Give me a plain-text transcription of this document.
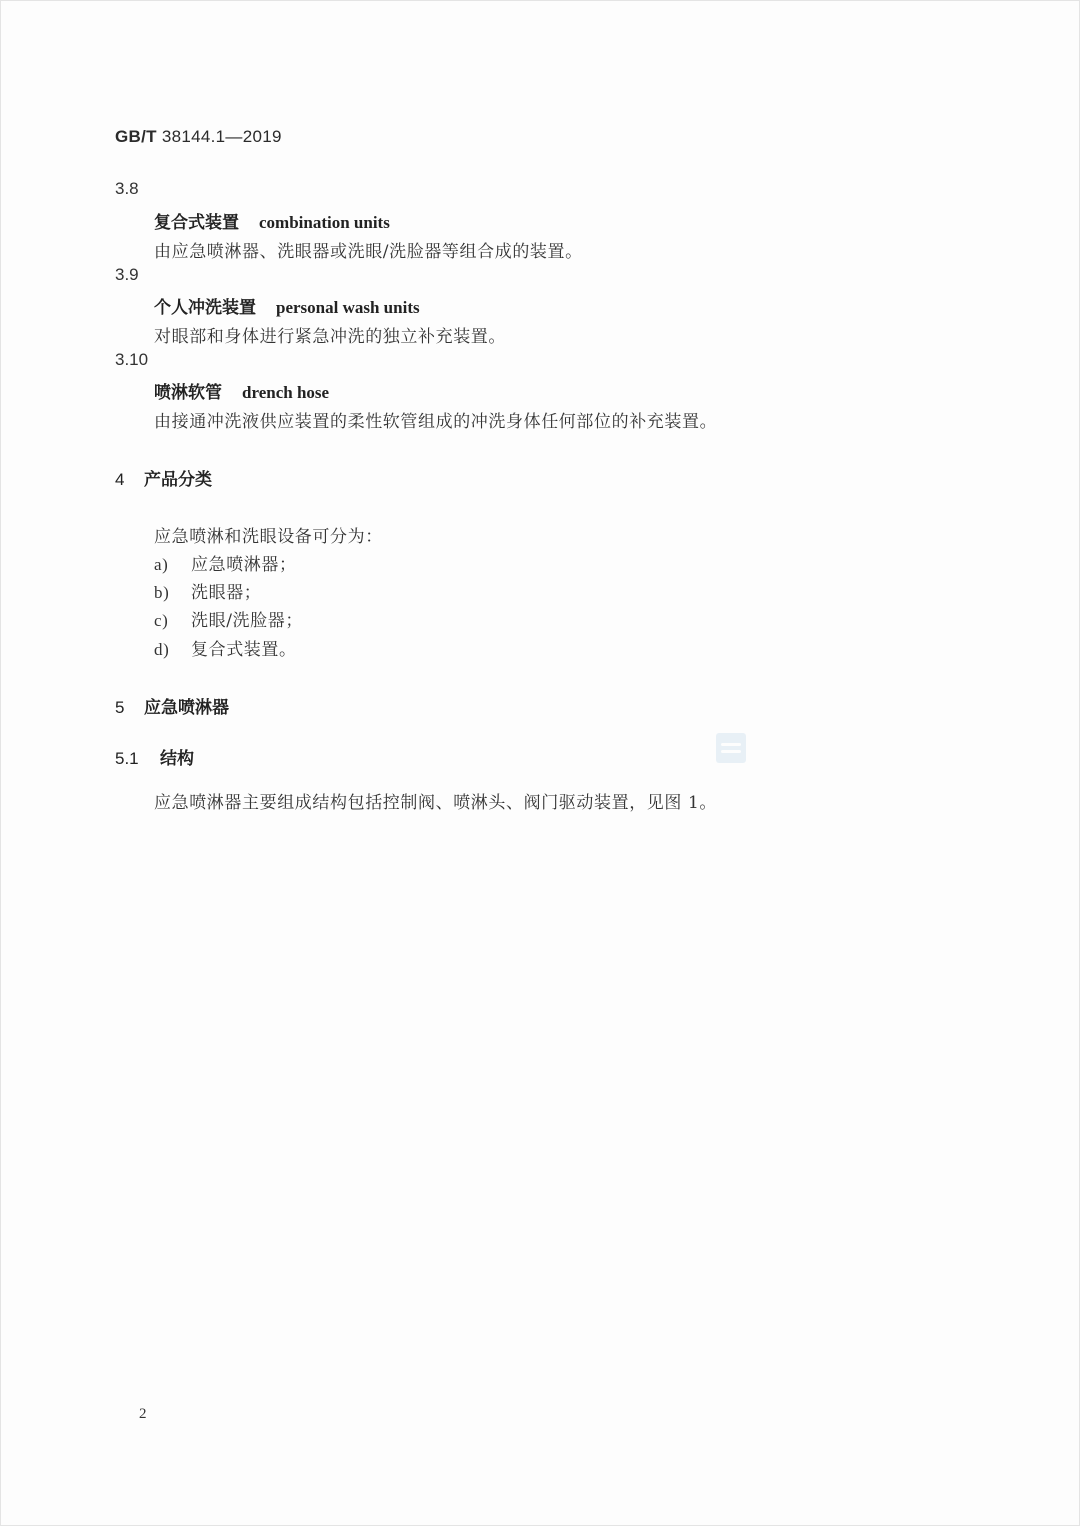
GB/T 38144.1—2019
3.8
复合式装置 combination units
由应急喷淋器、洗眼器或洗眼/洗脸器等组合成的装置。
3.9
个人冲洗装置 personal wash units
对眼部和身体进行紧急冲洗的独立补充装置。
3.10
喷淋软管 drench hose
由接通冲洗液供应装置的柔性软管组成的冲洗身体任何部位的补充装置。
4 产品分类
应急喷淋和洗眼设备可分为：
a) 应急喷淋器；
b) 洗眼器；
c) 洗眼/洗脸器；
d) 复合式装置。
5 应急喷淋器
5.1 结构
应急喷淋器主要组成结构包括控制阀、喷淋头、阀门驱动装置，见图 1。
2
